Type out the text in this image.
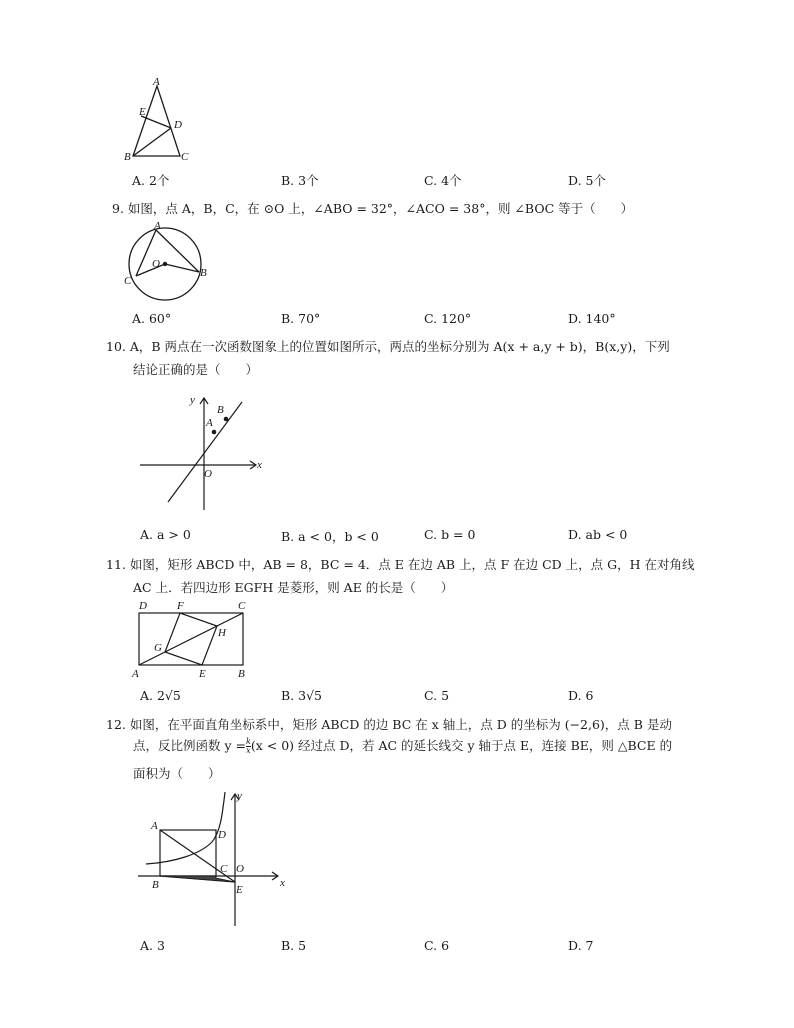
A
E
D
B	C
A. 2个	B. 3个	C. 4个	D. 5个
9. 如图，点 A，B，C，在 ⊙O 上，∠ABO = 32°，∠ACO = 38°，则 ∠BOC 等于（　　）
A
O
C
B
A. 60°	B. 70°	C. 120°	D. 140°
10. A，B 两点在一次函数图象上的位置如图所示，两点的坐标分别为 A(x + a,y + b)，B(x,y)，下列
结论正确的是（　　）
y
B
A
O
x
A. a > 0	B. a < 0，b < 0	C. b = 0	D. ab < 0
11. 如图，矩形 ABCD 中，AB = 8，BC = 4．点 E 在边 AB 上，点 F 在边 CD 上，点 G，H 在对角线
AC 上．若四边形 EGFH 是菱形，则 AE 的长是（　　）
D	F	C
H
G
A	E	B
A. 2√5	B. 3√5	C. 5	D. 6
12. 如图，在平面直角坐标系中，矩形 ABCD 的边 BC 在 x 轴上，点 D 的坐标为 (−2,6)，点 B 是动
点，反比例函数 $y = \frac{k}{x} (x < 0)$ 经过点 D，若 AC 的延长线交 y 轴于点 E，连接 BE，则 △BCE 的
面积为（　　）
y
A
D
C O
B	E
x
A. 3	B. 5	C. 6	D. 7
